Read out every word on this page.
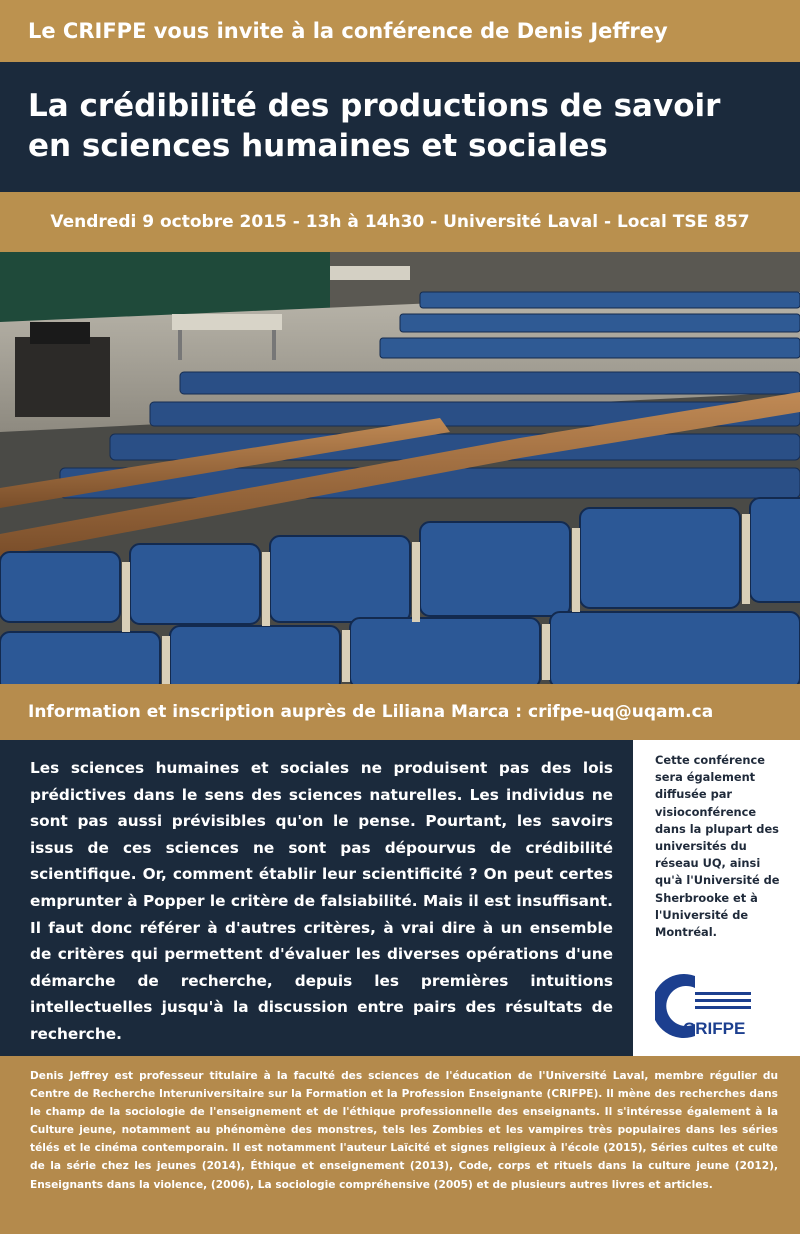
Le CRIFPE vous invite à la conférence de Denis Jeffrey
La crédibilité des productions de savoir
en sciences humaines et sociales
Vendredi 9 octobre 2015 - 13h à 14h30 - Université Laval - Local TSE 857
Information et inscription auprès de Liliana Marca : crifpe-uq@uqam.ca
Les sciences humaines et sociales ne produisent pas des lois prédictives dans le sens des sciences naturelles. Les individus ne sont pas aussi prévisibles qu'on le pense. Pourtant, les savoirs issus de ces sciences ne sont pas dépourvus de crédibilité scientifique. Or, comment établir leur scientificité ? On peut certes emprunter à Popper le critère de falsiabilité. Mais il est insuffisant. Il faut donc référer à d'autres critères, à vrai dire à un ensemble de critères qui permettent d'évaluer les diverses opérations d'une démarche de recherche, depuis les premières intuitions intellectuelles jusqu'à la discussion entre pairs des résultats de recherche.

Cette conférence sera également diffusée par visioconférence dans la plupart des universités du réseau UQ, ainsi qu'à l'Université de Sherbrooke et à l'Université de Montréal.

CRIFPE
Denis Jeffrey est professeur titulaire à la faculté des sciences de l'éducation de l'Université Laval, membre régulier du Centre de Recherche Interuniversitaire sur la Formation et la Profession Enseignante (CRIFPE). Il mène des recherches dans le champ de la sociologie de l'enseignement et de l'éthique professionnelle des enseignants. Il s'intéresse également à la Culture jeune, notamment au phénomène des monstres, tels les Zombies et les vampires très populaires dans les séries télés et le cinéma contemporain. Il est notamment l'auteur Laïcité et signes religieux à l'école (2015), Séries cultes et culte de la série chez les jeunes (2014), Éthique et enseignement (2013), Code, corps et rituels dans la culture jeune (2012), Enseignants dans la violence, (2006), La sociologie compréhensive (2005) et de plusieurs autres livres et articles.
